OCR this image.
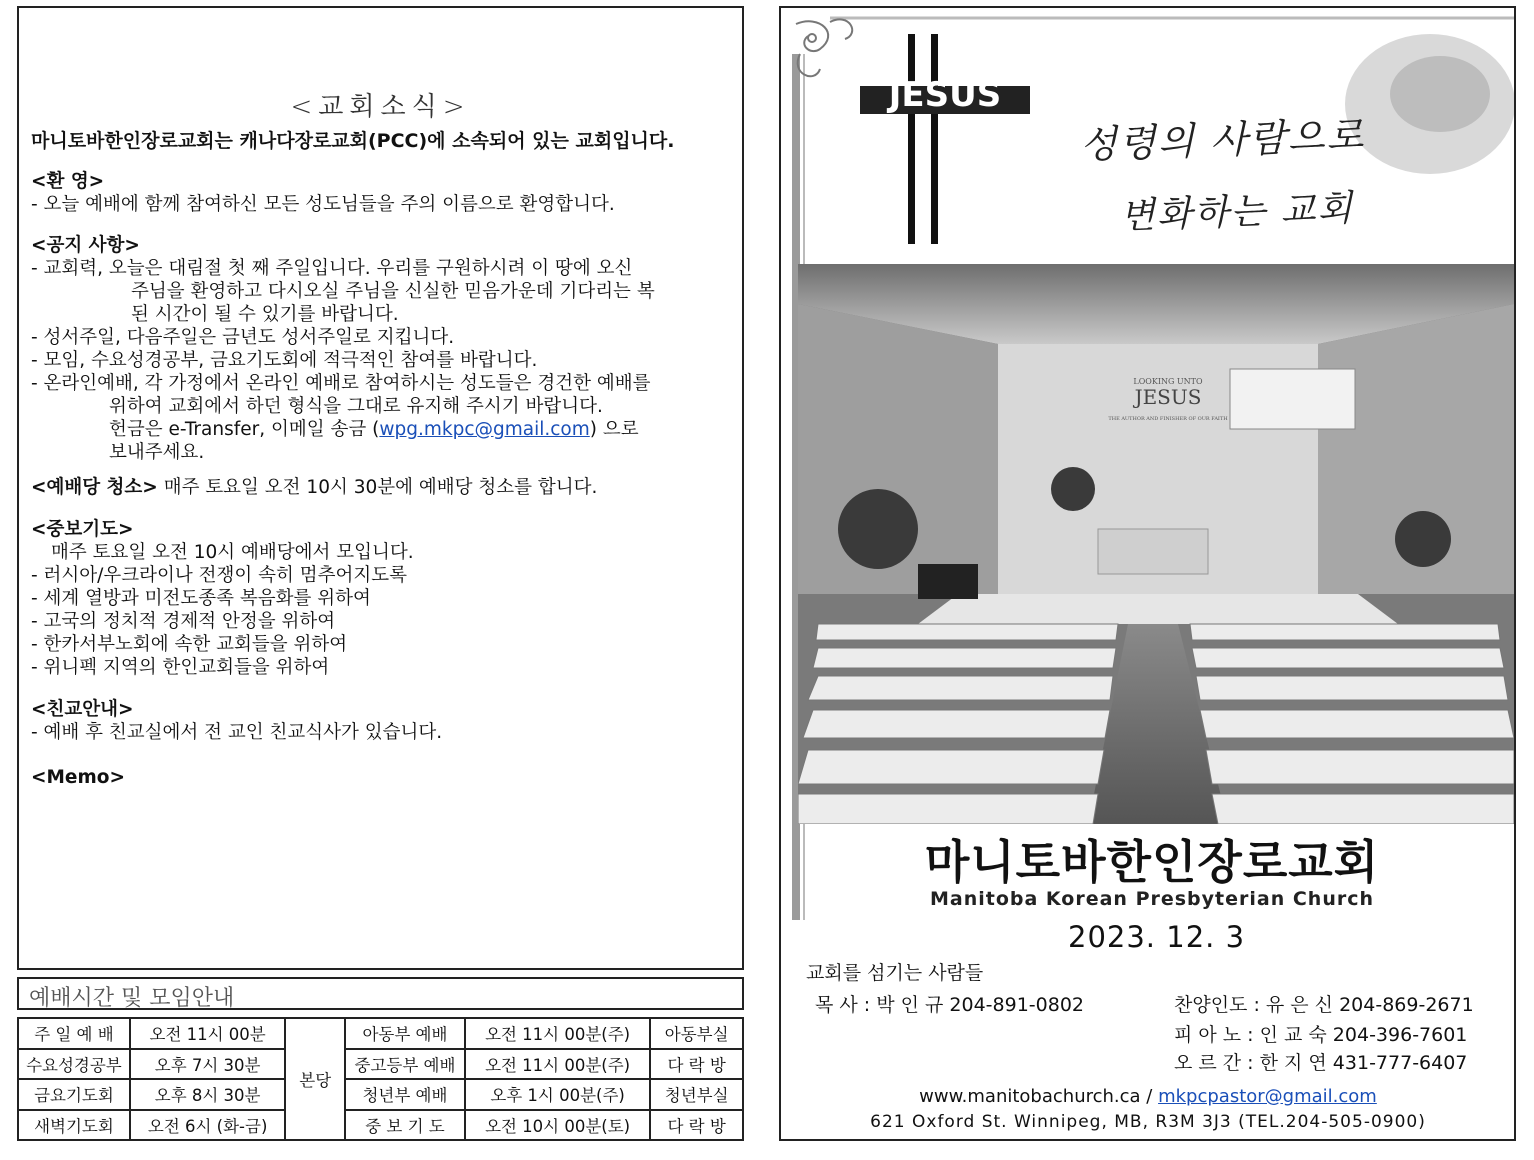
<교회소식>
마니토바한인장로교회는 캐나다장로교회(PCC)에 소속되어 있는 교회입니다.
<환 영>
- 오늘 예배에 함께 참여하신 모든 성도님들을 주의 이름으로 환영합니다.
<공지 사항>
- 교회력, 오늘은 대림절 첫 째 주일입니다. 우리를 구원하시려 이 땅에 오신
주님을 환영하고 다시오실 주님을 신실한 믿음가운데 기다리는 복
된 시간이 될 수 있기를 바랍니다.
- 성서주일, 다음주일은 금년도 성서주일로 지킵니다.
- 모임, 수요성경공부, 금요기도회에 적극적인 참여를 바랍니다.
- 온라인예배, 각 가정에서 온라인 예배로 참여하시는 성도들은 경건한 예배를
위하여 교회에서 하던 형식을 그대로 유지해 주시기 바랍니다.
헌금은 e-Transfer, 이메일 송금 (wpg.mkpc@gmail.com) 으로
보내주세요.
<예배당 청소> 매주 토요일 오전 10시 30분에 예배당 청소를 합니다.
<중보기도>
매주 토요일 오전 10시 예배당에서 모입니다.
- 러시아/우크라이나 전쟁이 속히 멈추어지도록
- 세계 열방과 미전도종족 복음화를 위하여
- 고국의 정치적 경제적 안정을 위하여
- 한카서부노회에 속한 교회들을 위하여
- 위니펙 지역의 한인교회들을 위하여
<친교안내>
- 예배 후 친교실에서 전 교인 친교식사가 있습니다.
<Memo>
예배시간 및 모임안내
주 일 예 배	오전 11시 00분	본당	아동부 예배	오전 11시 00분(주)	아동부실
수요성경공부	오후 7시 30분		중고등부 예배	오전 11시 00분(주)	다 락 방
금요기도회	오후 8시 30분		청년부 예배	오후 1시 00분(주)	청년부실
새벽기도회	오전 6시 (화-금)		중 보 기 도	오전 10시 00분(토)	다 락 방
JESUS
성령의 사람으로
변화하는 교회
LOOKING UNTO
JESUS
THE AUTHOR AND FINISHER OF OUR FAITH
마니토바한인장로교회
Manitoba Korean Presbyterian Church
2023. 12. 3
교회를 섬기는 사람들
목 사 : 박 인 규 204-891-0802	찬양인도 : 유 은 신 204-869-2671
피 아 노 : 인 교 숙 204-396-7601
오 르 간 : 한 지 연 431-777-6407
www.manitobachurch.ca / mkpcpastor@gmail.com
621 Oxford St. Winnipeg, MB, R3M 3J3 (TEL.204-505-0900)
